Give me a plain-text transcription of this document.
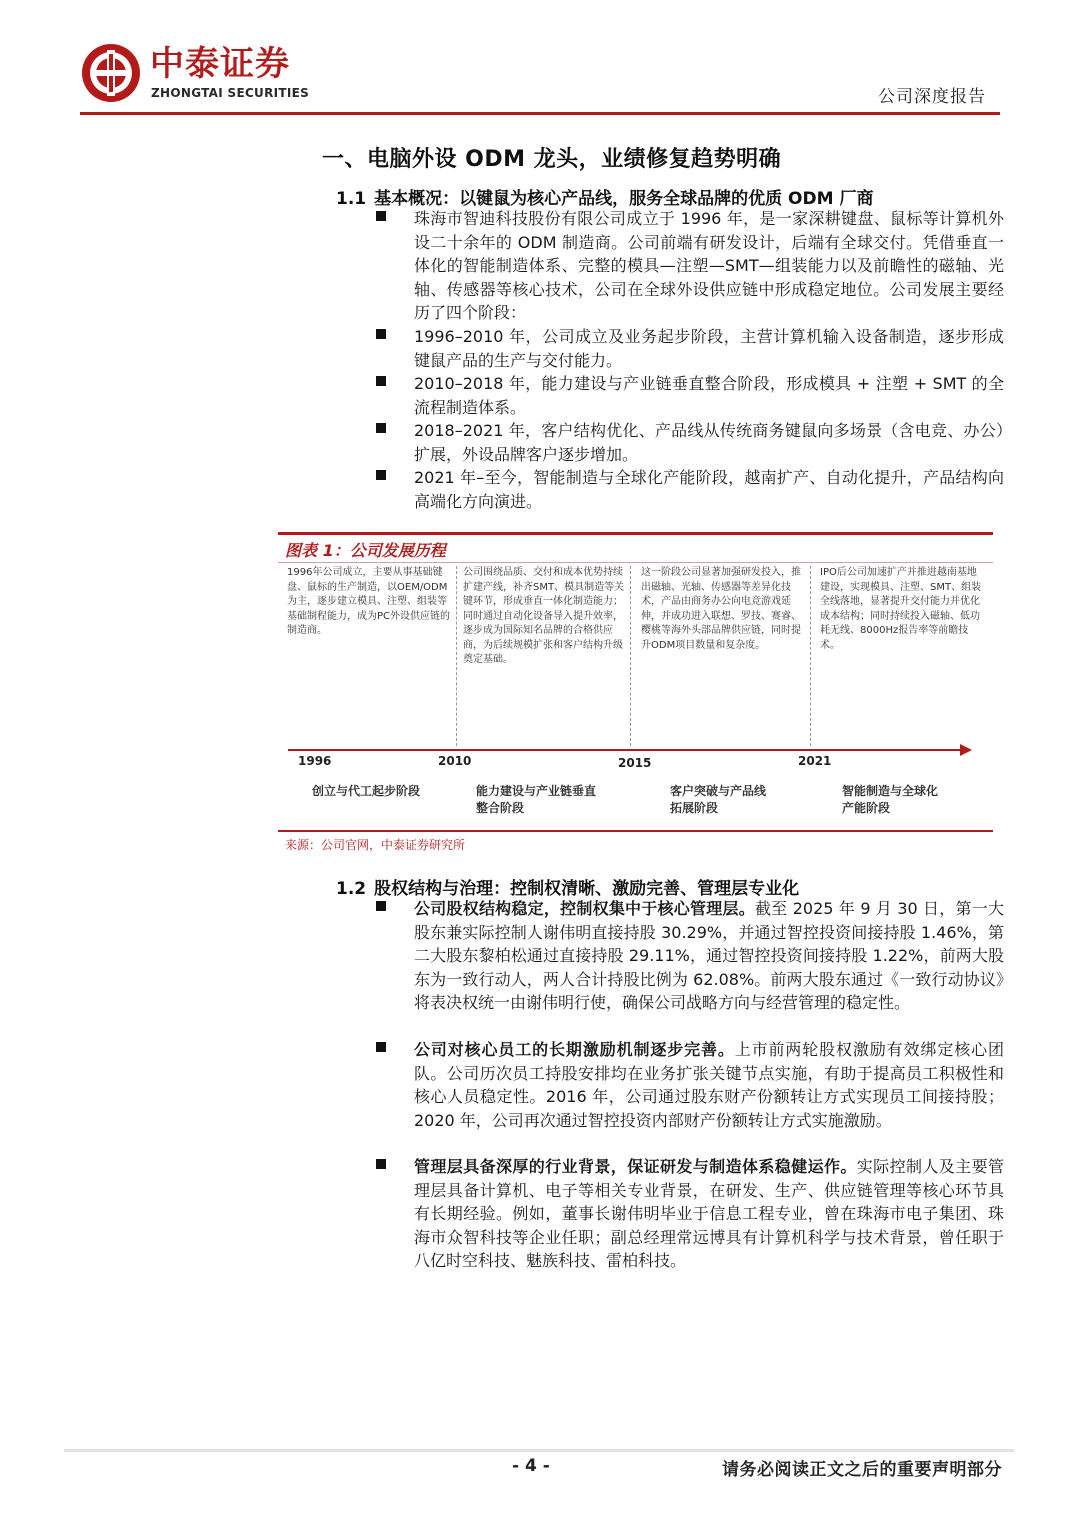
中泰证券
ZHONGTAI SECURITIES	公司深度报告
一、电脑外设 ODM 龙头，业绩修复趋势明确
1.1 基本概况：以键鼠为核心产品线，服务全球品牌的优质 ODM 厂商
珠海市智迪科技股份有限公司成立于 1996 年，是一家深耕键盘、鼠标等计算机外设二十余年的 ODM 制造商。公司前端有研发设计，后端有全球交付。凭借垂直一体化的智能制造体系、完整的模具—注塑—SMT—组装能力以及前瞻性的磁轴、光轴、传感器等核心技术，公司在全球外设供应链中形成稳定地位。公司发展主要经历了四个阶段：
1996–2010 年，公司成立及业务起步阶段，主营计算机输入设备制造，逐步形成键鼠产品的生产与交付能力。
2010–2018 年，能力建设与产业链垂直整合阶段，形成模具 + 注塑 + SMT 的全流程制造体系。
2018–2021 年，客户结构优化、产品线从传统商务键鼠向多场景（含电竞、办公）扩展，外设品牌客户逐步增加。
2021 年–至今，智能制造与全球化产能阶段，越南扩产、自动化提升，产品结构向高端化方向演进。
图表 1：公司发展历程
1996年公司成立，主要从事基础键盘、鼠标的生产制造，以OEM/ODM为主，逐步建立模具、注塑、组装等基础制程能力，成为PC外设供应链的制造商。
公司围绕品质、交付和成本优势持续扩建产线，补齐SMT、模具制造等关键环节，形成垂直一体化制造能力；同时通过自动化设备导入提升效率，逐步成为国际知名品牌的合格供应商，为后续规模扩张和客户结构升级奠定基础。
这一阶段公司显著加强研发投入，推出磁轴、光轴、传感器等差异化技术，产品由商务办公向电竞游戏延伸，并成功进入联想、罗技、赛睿、樱桃等海外头部品牌供应链，同时提升ODM项目数量和复杂度。
IPO后公司加速扩产并推进越南基地建设，实现模具、注塑、SMT、组装全线落地，显著提升交付能力并优化成本结构；同时持续投入磁轴、低功耗无线、8000Hz报告率等前瞻技术。
1996	2010	2015	2021
创立与代工起步阶段	能力建设与产业链垂直整合阶段
客户突破与产品线拓展阶段
智能制造与全球化产能阶段
来源：公司官网，中泰证券研究所
1.2 股权结构与治理：控制权清晰、激励完善、管理层专业化
公司股权结构稳定，控制权集中于核心管理层。截至 2025 年 9 月 30 日，第一大股东兼实际控制人谢伟明直接持股 30.29%，并通过智控投资间接持股 1.46%，第二大股东黎柏松通过直接持股 29.11%，通过智控投资间接持股 1.22%，前两大股东为一致行动人，两人合计持股比例为 62.08%。前两大股东通过《一致行动协议》将表决权统一由谢伟明行使，确保公司战略方向与经营管理的稳定性。
公司对核心员工的长期激励机制逐步完善。上市前两轮股权激励有效绑定核心团队。公司历次员工持股安排均在业务扩张关键节点实施，有助于提高员工积极性和核心人员稳定性。2016 年，公司通过股东财产份额转让方式实现员工间接持股；2020 年，公司再次通过智控投资内部财产份额转让方式实施激励。
管理层具备深厚的行业背景，保证研发与制造体系稳健运作。实际控制人及主要管理层具备计算机、电子等相关专业背景，在研发、生产、供应链管理等核心环节具有长期经验。例如，董事长谢伟明毕业于信息工程专业，曾在珠海市电子集团、珠海市众智科技等企业任职；副总经理常远博具有计算机科学与技术背景，曾任职于八亿时空科技、魅族科技、雷柏科技。
- 4 -	请务必阅读正文之后的重要声明部分
